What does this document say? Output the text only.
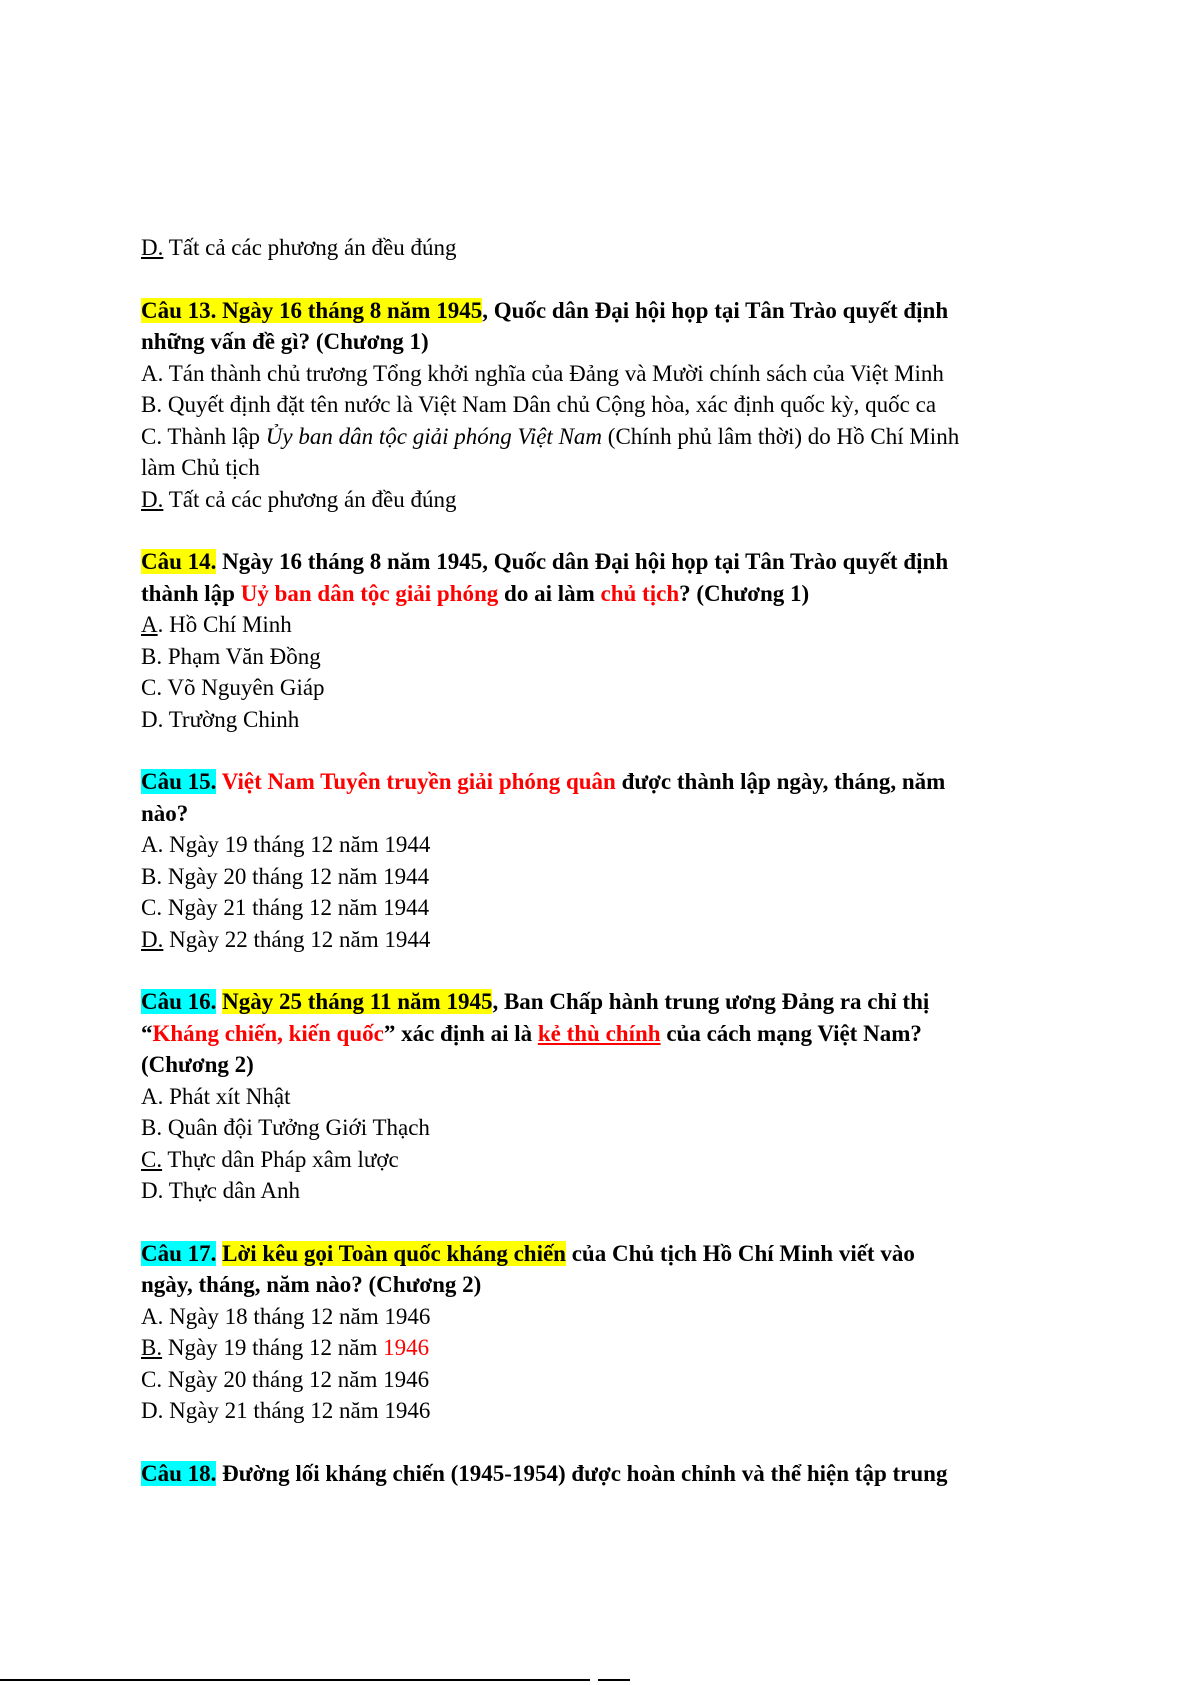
D. Tất cả các phương án đều đúng
Câu 13. Ngày 16 tháng 8 năm 1945, Quốc dân Đại hội họp tại Tân Trào quyết định
những vấn đề gì? (Chương 1)
A. Tán thành chủ trương Tổng khởi nghĩa của Đảng và Mười chính sách của Việt Minh
B. Quyết định đặt tên nước là Việt Nam Dân chủ Cộng hòa, xác định quốc kỳ, quốc ca
C. Thành lập Ủy ban dân tộc giải phóng Việt Nam (Chính phủ lâm thời) do Hồ Chí Minh
làm Chủ tịch
D. Tất cả các phương án đều đúng
Câu 14. Ngày 16 tháng 8 năm 1945, Quốc dân Đại hội họp tại Tân Trào quyết định
thành lập Uỷ ban dân tộc giải phóng do ai làm chủ tịch? (Chương 1)
A. Hồ Chí Minh
B. Phạm Văn Đồng
C. Võ Nguyên Giáp
D. Trường Chinh
Câu 15. Việt Nam Tuyên truyền giải phóng quân được thành lập ngày, tháng, năm
nào?
A. Ngày 19 tháng 12 năm 1944
B. Ngày 20 tháng 12 năm 1944
C. Ngày 21 tháng 12 năm 1944
D. Ngày 22 tháng 12 năm 1944
Câu 16. Ngày 25 tháng 11 năm 1945, Ban Chấp hành trung ương Đảng ra chỉ thị
“Kháng chiến, kiến quốc” xác định ai là kẻ thù chính của cách mạng Việt Nam?
(Chương 2)
A. Phát xít Nhật
B. Quân đội Tưởng Giới Thạch
C. Thực dân Pháp xâm lược
D. Thực dân Anh
Câu 17. Lời kêu gọi Toàn quốc kháng chiến của Chủ tịch Hồ Chí Minh viết vào
ngày, tháng, năm nào? (Chương 2)
A. Ngày 18 tháng 12 năm 1946
B. Ngày 19 tháng 12 năm 1946
C. Ngày 20 tháng 12 năm 1946
D. Ngày 21 tháng 12 năm 1946
Câu 18. Đường lối kháng chiến (1945-1954) được hoàn chỉnh và thể hiện tập trung
